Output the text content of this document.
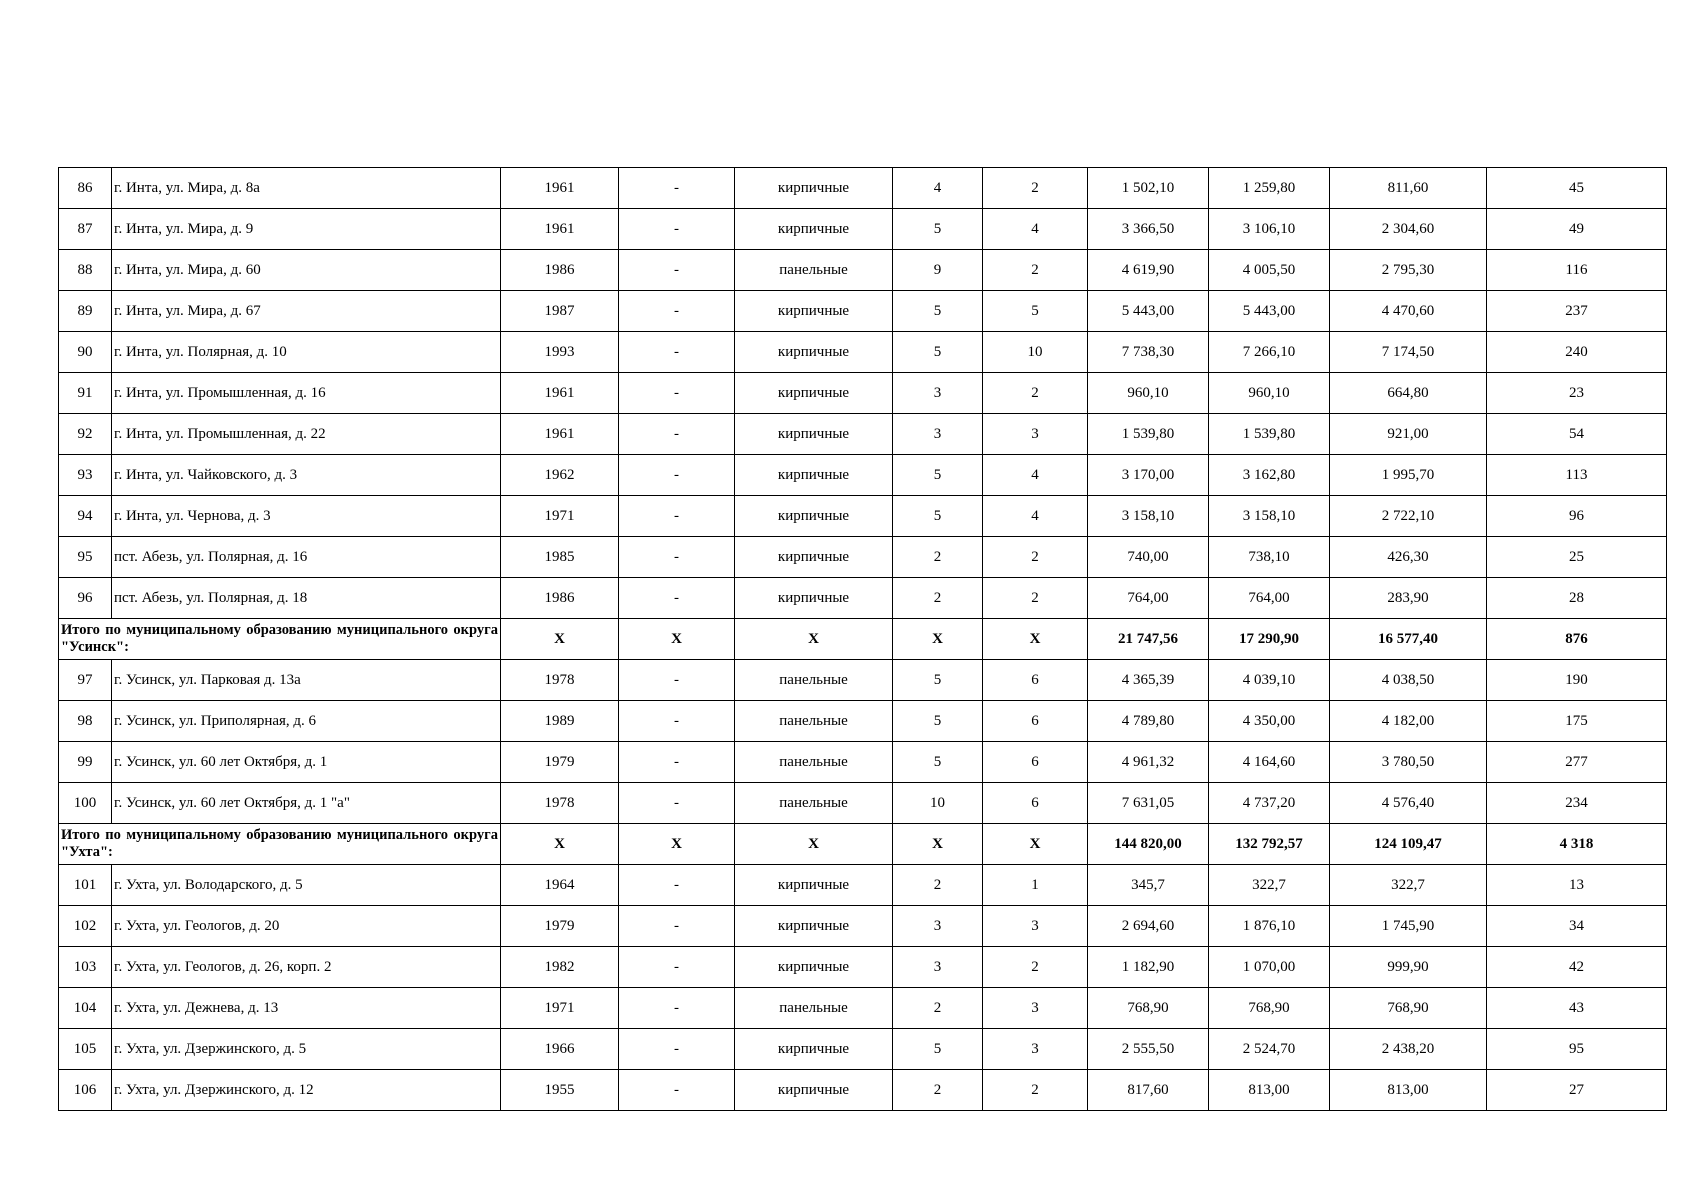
86	г. Инта, ул. Мира, д. 8а	1961	-	кирпичные	4	2	1 502,10	1 259,80	811,60	45
87	г. Инта, ул. Мира, д. 9	1961	-	кирпичные	5	4	3 366,50	3 106,10	2 304,60	49
88	г. Инта, ул. Мира, д. 60	1986	-	панельные	9	2	4 619,90	4 005,50	2 795,30	116
89	г. Инта, ул. Мира, д. 67	1987	-	кирпичные	5	5	5 443,00	5 443,00	4 470,60	237
90	г. Инта, ул. Полярная, д. 10	1993	-	кирпичные	5	10	7 738,30	7 266,10	7 174,50	240
91	г. Инта, ул. Промышленная, д. 16	1961	-	кирпичные	3	2	960,10	960,10	664,80	23
92	г. Инта, ул. Промышленная, д. 22	1961	-	кирпичные	3	3	1 539,80	1 539,80	921,00	54
93	г. Инта, ул. Чайковского, д. 3	1962	-	кирпичные	5	4	3 170,00	3 162,80	1 995,70	113
94	г. Инта, ул. Чернова, д. 3	1971	-	кирпичные	5	4	3 158,10	3 158,10	2 722,10	96
95	пст. Абезь, ул. Полярная, д. 16	1985	-	кирпичные	2	2	740,00	738,10	426,30	25
96	пст. Абезь, ул. Полярная, д. 18	1986	-	кирпичные	2	2	764,00	764,00	283,90	28
Итого по муниципальному образованию муниципального округа "Усинск":		X	X	X	X	X	21 747,56	17 290,90	16 577,40	876
97	г. Усинск, ул. Парковая д. 13а	1978	-	панельные	5	6	4 365,39	4 039,10	4 038,50	190
98	г. Усинск, ул. Приполярная, д. 6	1989	-	панельные	5	6	4 789,80	4 350,00	4 182,00	175
99	г. Усинск, ул. 60 лет Октября, д. 1	1979	-	панельные	5	6	4 961,32	4 164,60	3 780,50	277
100	г. Усинск, ул. 60 лет Октября, д. 1 "а"	1978	-	панельные	10	6	7 631,05	4 737,20	4 576,40	234
Итого по муниципальному образованию муниципального округа "Ухта":		X	X	X	X	X	144 820,00	132 792,57	124 109,47	4 318
101	г. Ухта, ул. Володарского, д. 5	1964	-	кирпичные	2	1	345,7	322,7	322,7	13
102	г. Ухта, ул. Геологов, д. 20	1979	-	кирпичные	3	3	2 694,60	1 876,10	1 745,90	34
103	г. Ухта, ул. Геологов, д. 26, корп. 2	1982	-	кирпичные	3	2	1 182,90	1 070,00	999,90	42
104	г. Ухта, ул. Дежнева, д. 13	1971	-	панельные	2	3	768,90	768,90	768,90	43
105	г. Ухта, ул. Дзержинского, д. 5	1966	-	кирпичные	5	3	2 555,50	2 524,70	2 438,20	95
106	г. Ухта, ул. Дзержинского, д. 12	1955	-	кирпичные	2	2	817,60	813,00	813,00	27
